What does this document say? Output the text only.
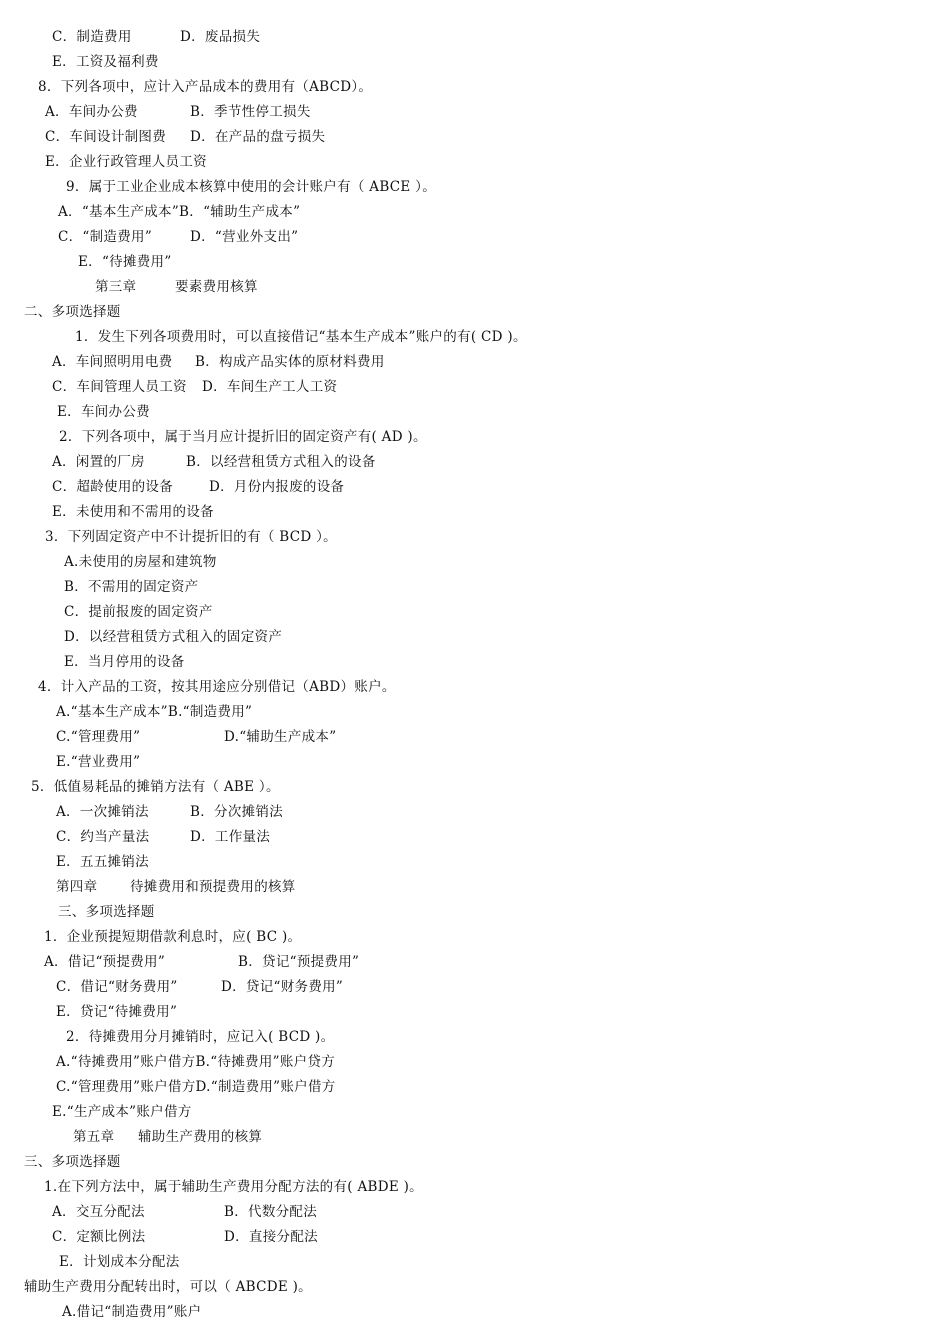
C．制造费用	D．废品损失
E．工资及福利费
8．下列各项中，应计入产品成本的费用有（ABCD）。
A．车间办公费	B．季节性停工损失
C．车间设计制图费 D．在产品的盘亏损失
E．企业行政管理人员工资
9．属于工业企业成本核算中使用的会计账户有（ ABCE ）。
A．“基本生产成本”B．“辅助生产成本”
C．“制造费用”	D．“营业外支出”
E．“待摊费用”
第三章	要素费用核算
二、多项选择题
1．发生下列各项费用时，可以直接借记“基本生产成本”账户的有( CD )。
A．车间照明用电费 B．构成产品实体的原材料费用
C．车间管理人员工资 D．车间生产工人工资
E．车间办公费
2．下列各项中，属于当月应计提折旧的固定资产有( AD )。
A．闲置的厂房	B．以经营租赁方式租入的设备
C．超龄使用的设备	D．月份内报废的设备
E．未使用和不需用的设备
3．下列固定资产中不计提折旧的有（ BCD ）。
A.未使用的房屋和建筑物
B．不需用的固定资产
C．提前报废的固定资产
D．以经营租赁方式租入的固定资产
E．当月停用的设备
4．计入产品的工资，按其用途应分别借记（ABD）账户。
A.“基本生产成本”B.“制造费用”
C.“管理费用”	D.“辅助生产成本”
E.“营业费用”
5．低值易耗品的摊销方法有（ ABE ）。
A．一次摊销法	B．分次摊销法
C．约当产量法	D．工作量法
E．五五摊销法
第四章 待摊费用和预提费用的核算
三、多项选择题
1．企业预提短期借款利息时，应( BC )。
A．借记“预提费用”	B．贷记“预提费用”
C．借记“财务费用”	D．贷记“财务费用”
E．贷记“待摊费用”
2．待摊费用分月摊销时，应记入( BCD )。
A.“待摊费用”账户借方B.“待摊费用”账户贷方
C.“管理费用”账户借方D.“制造费用”账户借方
E.“生产成本”账户借方
第五章 辅助生产费用的核算
三、多项选择题
1.在下列方法中，属于辅助生产费用分配方法的有( ABDE )。
A．交互分配法	B．代数分配法
C．定额比例法	D．直接分配法
E．计划成本分配法
辅助生产费用分配转出时，可以（ ABCDE )。
A.借记“制造费用”账户
